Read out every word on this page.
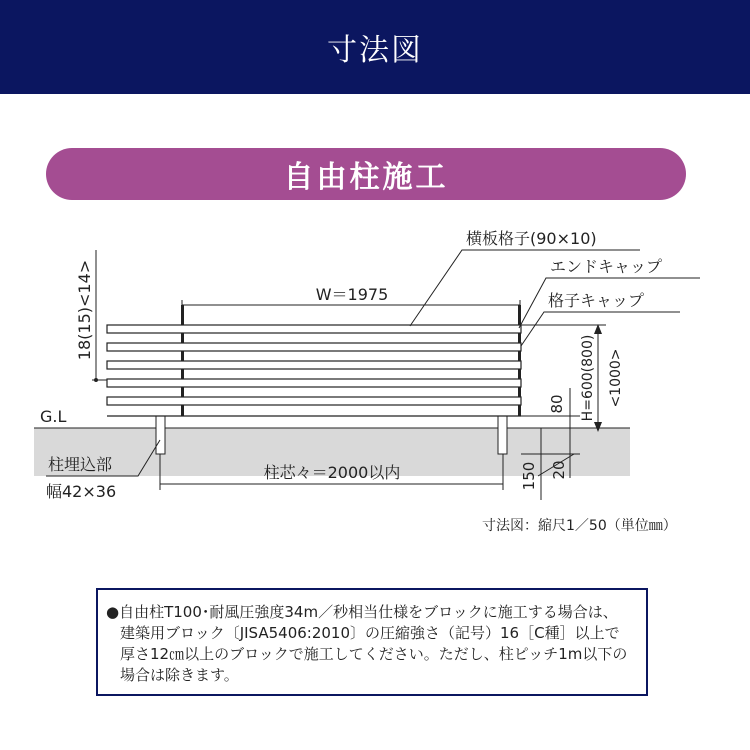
寸法図
自由柱施工
W＝1975
横板格子(90×10)
エンドキャップ
格子キャップ
H=600(800) <1000>
80
150 20
18(15)<14>
G.L
柱埋込部
幅42×36
柱芯々＝2000以内
寸法図：縮尺1／50（単位㎜）
●自由柱T100･耐風圧強度34m／秒相当仕様をブロックに施工する場合は、建築用ブロック〔JISA5406:2010〕の圧縮強さ（記号）16［C種］以上で厚さ12㎝以上のブロックで施工してください。ただし、柱ピッチ1m以下の場合は除きます。
